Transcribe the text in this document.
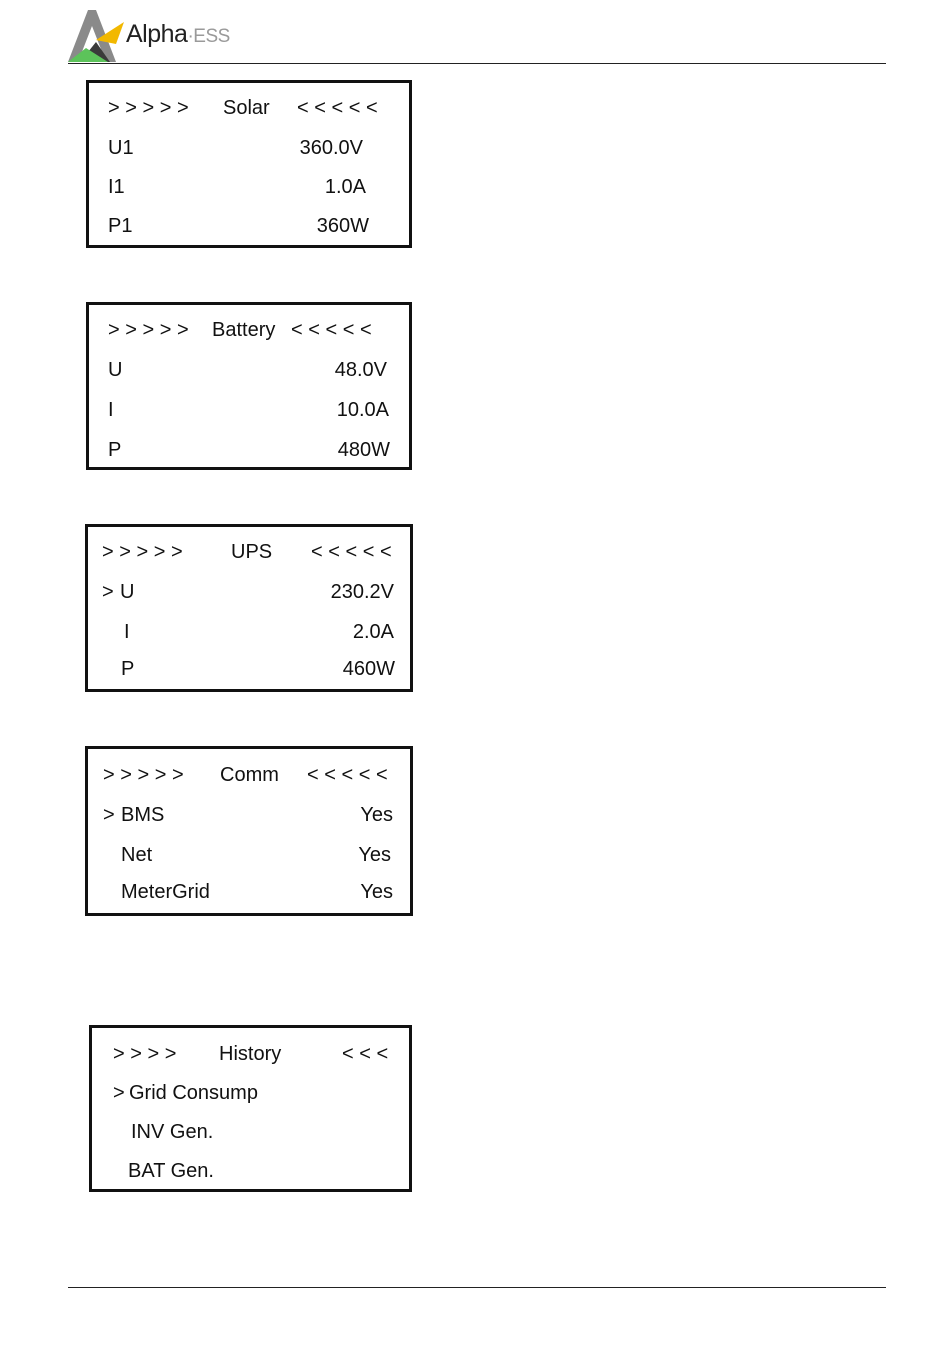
Alpha·ESS
> > > > > Solar < < < < <
U1	360.0V
I1	1.0A
P1	360W
> > > > > Battery < < < < <
U	48.0V
I	10.0A
P	480W
> > > > > UPS < < < < <
> U	230.2V
I	2.0A
P	460W
> > > > > Comm < < < < <
> BMS	Yes
Net	Yes
MeterGrid	Yes
> > > > History	< < <
> Grid Consump
INV Gen.
BAT Gen.
